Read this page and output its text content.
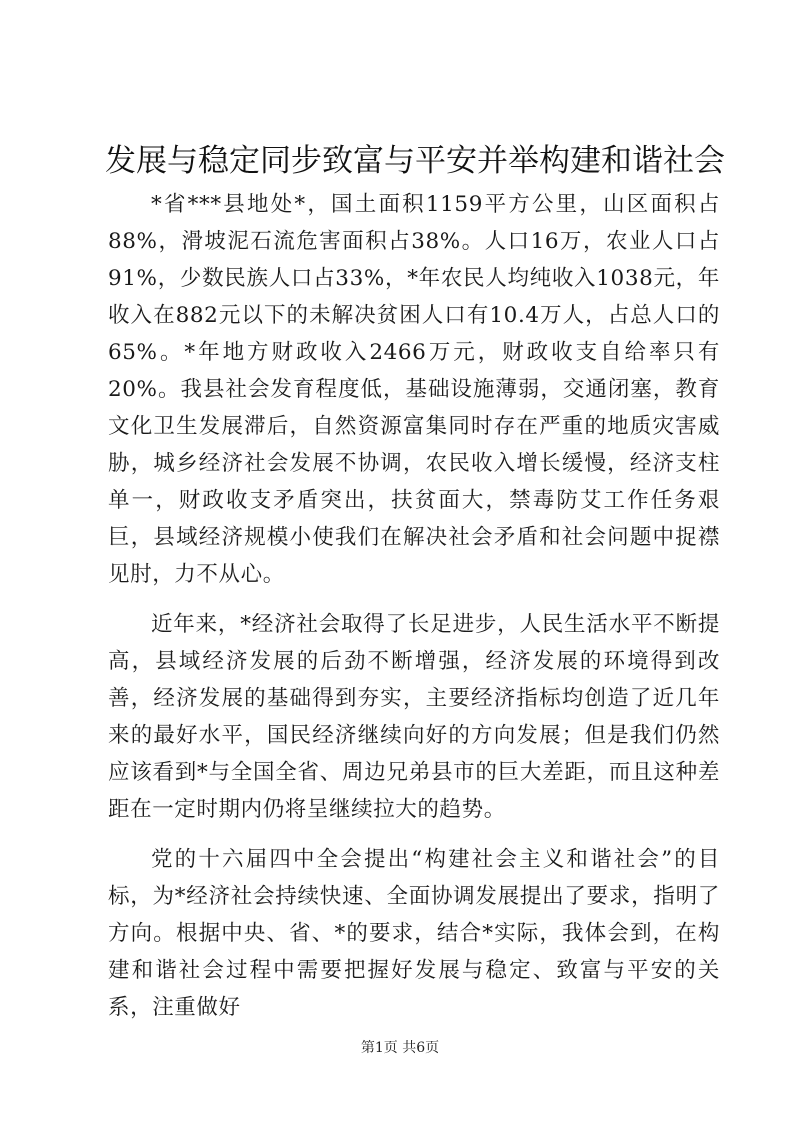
发展与稳定同步致富与平安并举构建和谐社会

*省***县地处*，国土面积1159平方公里，山区面积占88%，滑坡泥石流危害面积占38%。人口16万，农业人口占91%，少数民族人口占33%，*年农民人均纯收入1038元，年收入在882元以下的未解决贫困人口有10.4万人，占总人口的65%。*年地方财政收入2466万元，财政收支自给率只有20%。我县社会发育程度低，基础设施薄弱，交通闭塞，教育文化卫生发展滞后，自然资源富集同时存在严重的地质灾害威胁，城乡经济社会发展不协调，农民收入增长缓慢，经济支柱单一，财政收支矛盾突出，扶贫面大，禁毒防艾工作任务艰巨，县域经济规模小使我们在解决社会矛盾和社会问题中捉襟见肘，力不从心。

近年来，*经济社会取得了长足进步，人民生活水平不断提高，县域经济发展的后劲不断增强，经济发展的环境得到改善，经济发展的基础得到夯实，主要经济指标均创造了近几年来的最好水平，国民经济继续向好的方向发展；但是我们仍然应该看到*与全国全省、周边兄弟县市的巨大差距，而且这种差距在一定时期内仍将呈继续拉大的趋势。

党的十六届四中全会提出“构建社会主义和谐社会”的目标，为*经济社会持续快速、全面协调发展提出了要求，指明了方向。根据中央、省、*的要求，结合*实际，我体会到，在构建和谐社会过程中需要把握好发展与稳定、致富与平安的关系，注重做好

第1页 共6页
